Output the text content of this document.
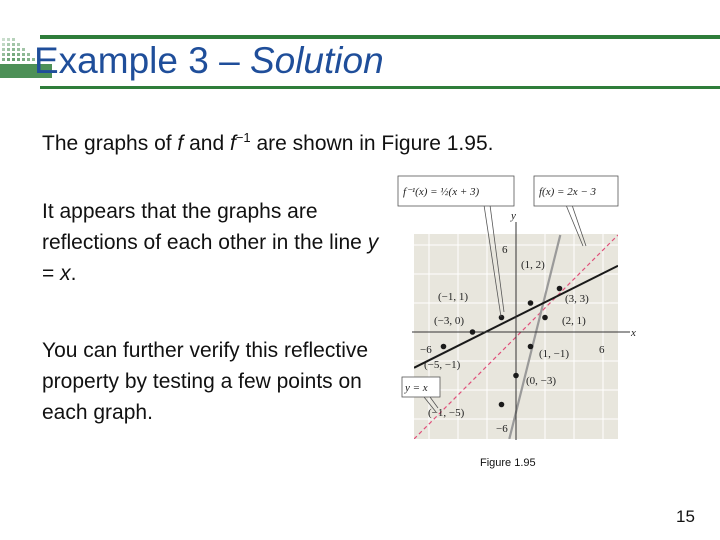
Example 3 – Solution
The graphs of f and $f^{-1}$ are shown in Figure 1.95.
It appears that the graphs are reflections of each other in the line y = x.
You can further verify this reflective property by testing a few points on each graph.
x
y
−6	6
6
−6
(1, 2)
(−1, 1)	(3, 3)
(−3, 0)	(2, 1)
(−5, −1)
(1, −1)
(0, −3)
(−1, −5)
f⁻¹(x) = ½(x + 3)	f(x) = 2x − 3
y = x
Figure 1.95
15
